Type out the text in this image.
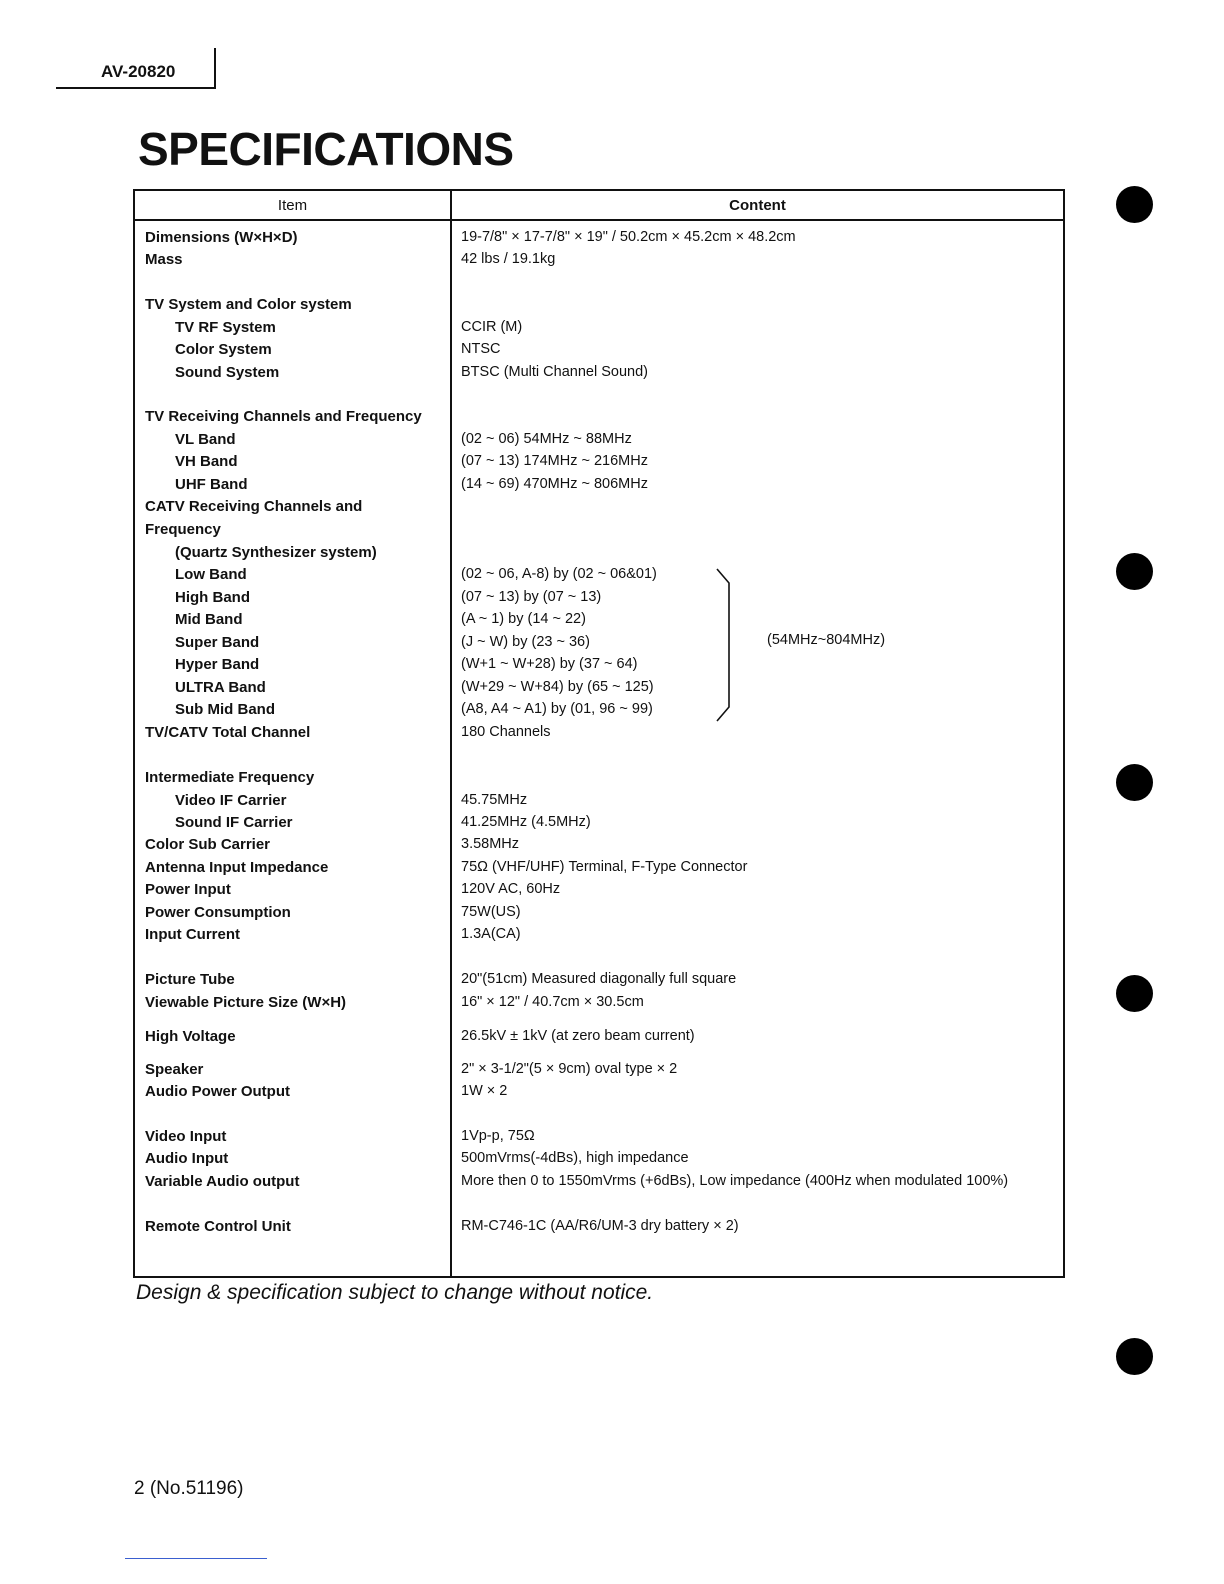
AV-20820
SPECIFICATIONS
Item	Content
Dimensions (W×H×D)	19-7/8" × 17-7/8" × 19" / 50.2cm × 45.2cm × 48.2cm
Mass	42 lbs / 19.1kg
TV System and Color system
TV RF System	CCIR (M)
Color System	NTSC
Sound System	BTSC (Multi Channel Sound)
TV Receiving Channels and Frequency
VL Band	(02 ~ 06) 54MHz ~ 88MHz
VH Band	(07 ~ 13) 174MHz ~ 216MHz
UHF Band	(14 ~ 69) 470MHz ~ 806MHz
CATV Receiving Channels and
Frequency
(Quartz Synthesizer system)
Low Band	(02 ~ 06, A-8) by (02 ~ 06&01)
High Band	(07 ~ 13) by (07 ~ 13)
Mid Band	(A ~ 1) by (14 ~ 22)
Super Band	(J ~ W) by (23 ~ 36)
Hyper Band	(W+1 ~ W+28) by (37 ~ 64)
ULTRA Band	(W+29 ~ W+84) by (65 ~ 125)
Sub Mid Band	(A8, A4 ~ A1) by (01, 96 ~ 99)
TV/CATV Total Channel	180 Channels
Intermediate Frequency
Video IF Carrier	45.75MHz
Sound IF Carrier	41.25MHz (4.5MHz)
Color Sub Carrier	3.58MHz
Antenna Input Impedance	75Ω (VHF/UHF) Terminal, F-Type Connector
Power Input	120V AC, 60Hz
Power Consumption	75W(US)
Input Current	1.3A(CA)
Picture Tube	20"(51cm) Measured diagonally full square
Viewable Picture Size (W×H)	16" × 12" / 40.7cm × 30.5cm
High Voltage	26.5kV ± 1kV (at zero beam current)
Speaker	2" × 3-1/2"(5 × 9cm) oval type × 2
Audio Power Output	1W × 2
Video Input	1Vp-p, 75Ω
Audio Input	500mVrms(-4dBs), high impedance
Variable Audio output	More then 0 to 1550mVrms (+6dBs), Low impedance (400Hz when modulated 100%)
Remote Control Unit	RM-C746-1C (AA/R6/UM-3 dry battery × 2)
(54MHz~804MHz)
Design & specification subject to change without notice.
2 (No.51196)
